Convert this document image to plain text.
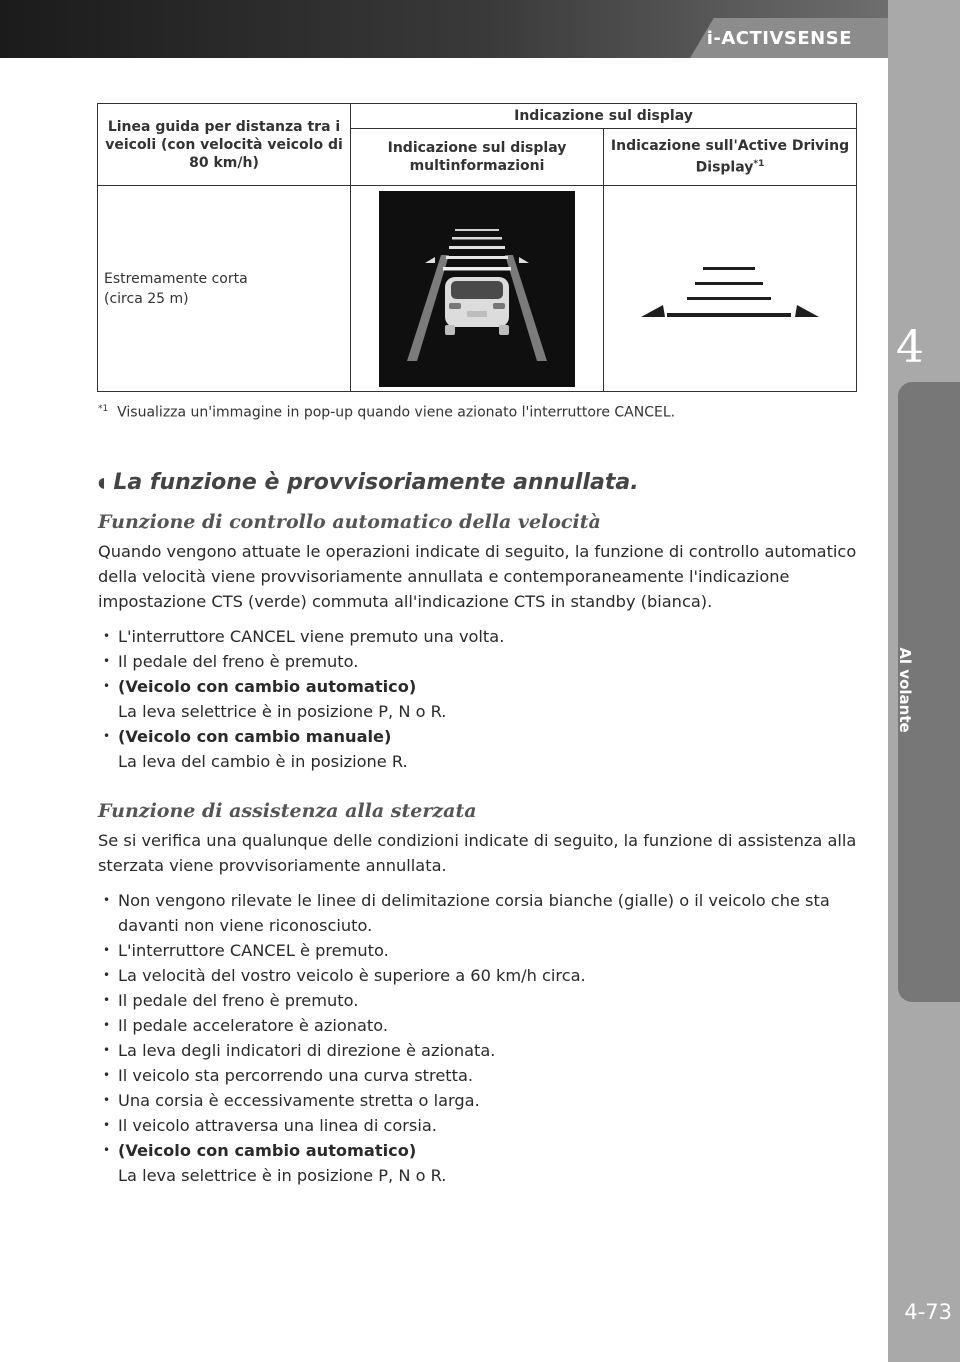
i-ACTIVSENSE
4
Al volante
4-73
Linea guida per distanza tra i veicoli (con velocità veicolo di 80 km/h)	Indicazione sul display	
	Indicazione sul display multinformazioni	Indicazione sull'Active Driving Display$^{*1}$
Estremamente corta
(circa 25 m)	

$^{*1}$ Visualizza un'immagine in pop-up quando viene azionato l'interruttore CANCEL.
◖ La funzione è provvisoriamente annullata.
Funzione di controllo automatico della velocità

Quando vengono attuate le operazioni indicate di seguito, la funzione di controllo automatico della velocità viene provvisoriamente annullata e contemporaneamente l'indicazione impostazione CTS (verde) commuta all'indicazione CTS in standby (bianca).

• L'interruttore CANCEL viene premuto una volta.
• Il pedale del freno è premuto.
• (Veicolo con cambio automatico)
La leva selettrice è in posizione P, N o R.
• (Veicolo con cambio manuale)
La leva del cambio è in posizione R.
Funzione di assistenza alla sterzata

Se si verifica una qualunque delle condizioni indicate di seguito, la funzione di assistenza alla sterzata viene provvisoriamente annullata.

• Non vengono rilevate le linee di delimitazione corsia bianche (gialle) o il veicolo che sta davanti non viene riconosciuto.
• L'interruttore CANCEL è premuto.
• La velocità del vostro veicolo è superiore a 60 km/h circa.
• Il pedale del freno è premuto.
• Il pedale acceleratore è azionato.
• La leva degli indicatori di direzione è azionata.
• Il veicolo sta percorrendo una curva stretta.
• Una corsia è eccessivamente stretta o larga.
• Il veicolo attraversa una linea di corsia.
• (Veicolo con cambio automatico)
La leva selettrice è in posizione P, N o R.
